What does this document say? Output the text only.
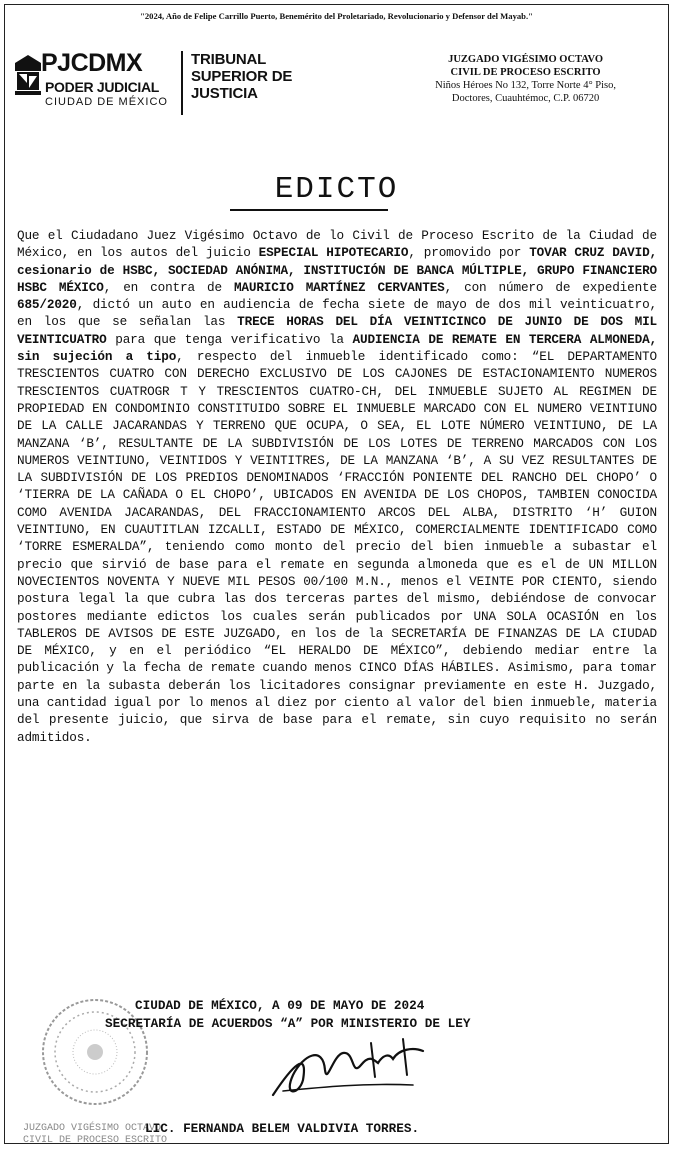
"2024, Año de Felipe Carrillo Puerto, Benemérito del Proletariado, Revolucionario y Defensor del Mayab."
PJCDMX
PODER JUDICIAL
CIUDAD DE MÉXICO
TRIBUNAL
SUPERIOR DE
JUSTICIA
JUZGADO VIGÉSIMO OCTAVO
CIVIL DE PROCESO ESCRITO
Niños Héroes No 132, Torre Norte 4° Piso,
Doctores, Cuauhtémoc, C.P. 06720
EDICTO
Que el Ciudadano Juez Vigésimo Octavo de lo Civil de Proceso Escrito de la Ciudad de México, en los autos del juicio ESPECIAL HIPOTECARIO, promovido por TOVAR CRUZ DAVID, cesionario de HSBC, SOCIEDAD ANÓNIMA, INSTITUCIÓN DE BANCA MÚLTIPLE, GRUPO FINANCIERO HSBC MÉXICO, en contra de MAURICIO MARTÍNEZ CERVANTES, con número de expediente 685/2020, dictó un auto en audiencia de fecha siete de mayo de dos mil veinticuatro, en los que se señalan las TRECE HORAS DEL DÍA VEINTICINCO DE JUNIO DE DOS MIL VEINTICUATRO para que tenga verificativo la AUDIENCIA DE REMATE EN TERCERA ALMONEDA, sin sujeción a tipo, respecto del inmueble identificado como: “EL DEPARTAMENTO TRESCIENTOS CUATRO CON DERECHO EXCLUSIVO DE LOS CAJONES DE ESTACIONAMIENTO NUMEROS TRESCIENTOS CUATROGR T Y TRESCIENTOS CUATRO-CH, DEL INMUEBLE SUJETO AL REGIMEN DE PROPIEDAD EN CONDOMINIO CONSTITUIDO SOBRE EL INMUEBLE MARCADO CON EL NUMERO VEINTIUNO DE LA CALLE JACARANDAS Y TERRENO QUE OCUPA, O SEA, EL LOTE NÚMERO VEINTIUNO, DE LA MANZANA ‘B’, RESULTANTE DE LA SUBDIVISIÓN DE LOS LOTES DE TERRENO MARCADOS CON LOS NUMEROS VEINTIUNO, VEINTIDOS Y VEINTITRES, DE LA MANZANA ‘B’, A SU VEZ RESULTANTES DE LA SUBDIVISIÓN DE LOS PREDIOS DENOMINADOS ‘FRACCIÓN PONIENTE DEL RANCHO DEL CHOPO’ O ‘TIERRA DE LA CAÑADA O EL CHOPO’, UBICADOS EN AVENIDA DE LOS CHOPOS, TAMBIEN CONOCIDA COMO AVENIDA JACARANDAS, DEL FRACCIONAMIENTO ARCOS DEL ALBA, DISTRITO ‘H’ GUION VEINTIUNO, EN CUAUTITLAN IZCALLI, ESTADO DE MÉXICO, COMERCIALMENTE IDENTIFICADO COMO ‘TORRE ESMERALDA”, teniendo como monto del precio del bien inmueble a subastar el precio que sirvió de base para el remate en segunda almoneda que es el de UN MILLON NOVECIENTOS NOVENTA Y NUEVE MIL PESOS 00/100 M.N., menos el VEINTE POR CIENTO, siendo postura legal la que cubra las dos terceras partes del mismo, debiéndose de convocar postores mediante edictos los cuales serán publicados por UNA SOLA OCASIÓN en los TABLEROS DE AVISOS DE ESTE JUZGADO, en los de la SECRETARÍA DE FINANZAS DE LA CIUDAD DE MÉXICO, y en el periódico “EL HERALDO DE MÉXICO”, debiendo mediar entre la publicación y la fecha de remate cuando menos CINCO DÍAS HÁBILES. Asimismo, para tomar parte en la subasta deberán los licitadores consignar previamente en este H. Juzgado, una cantidad igual por lo menos al diez por ciento al valor del bien inmueble, materia del presente juicio, que sirva de base para el remate, sin cuyo requisito no serán admitidos.
JUZGADO VIGÉSIMO OCTAVO
CIVIL DE PROCESO ESCRITO
CIUDAD DE MÉXICO, A 09 DE MAYO DE 2024
SECRETARÍA DE ACUERDOS “A” POR MINISTERIO DE LEY
LIC. FERNANDA BELEM VALDIVIA TORRES.
